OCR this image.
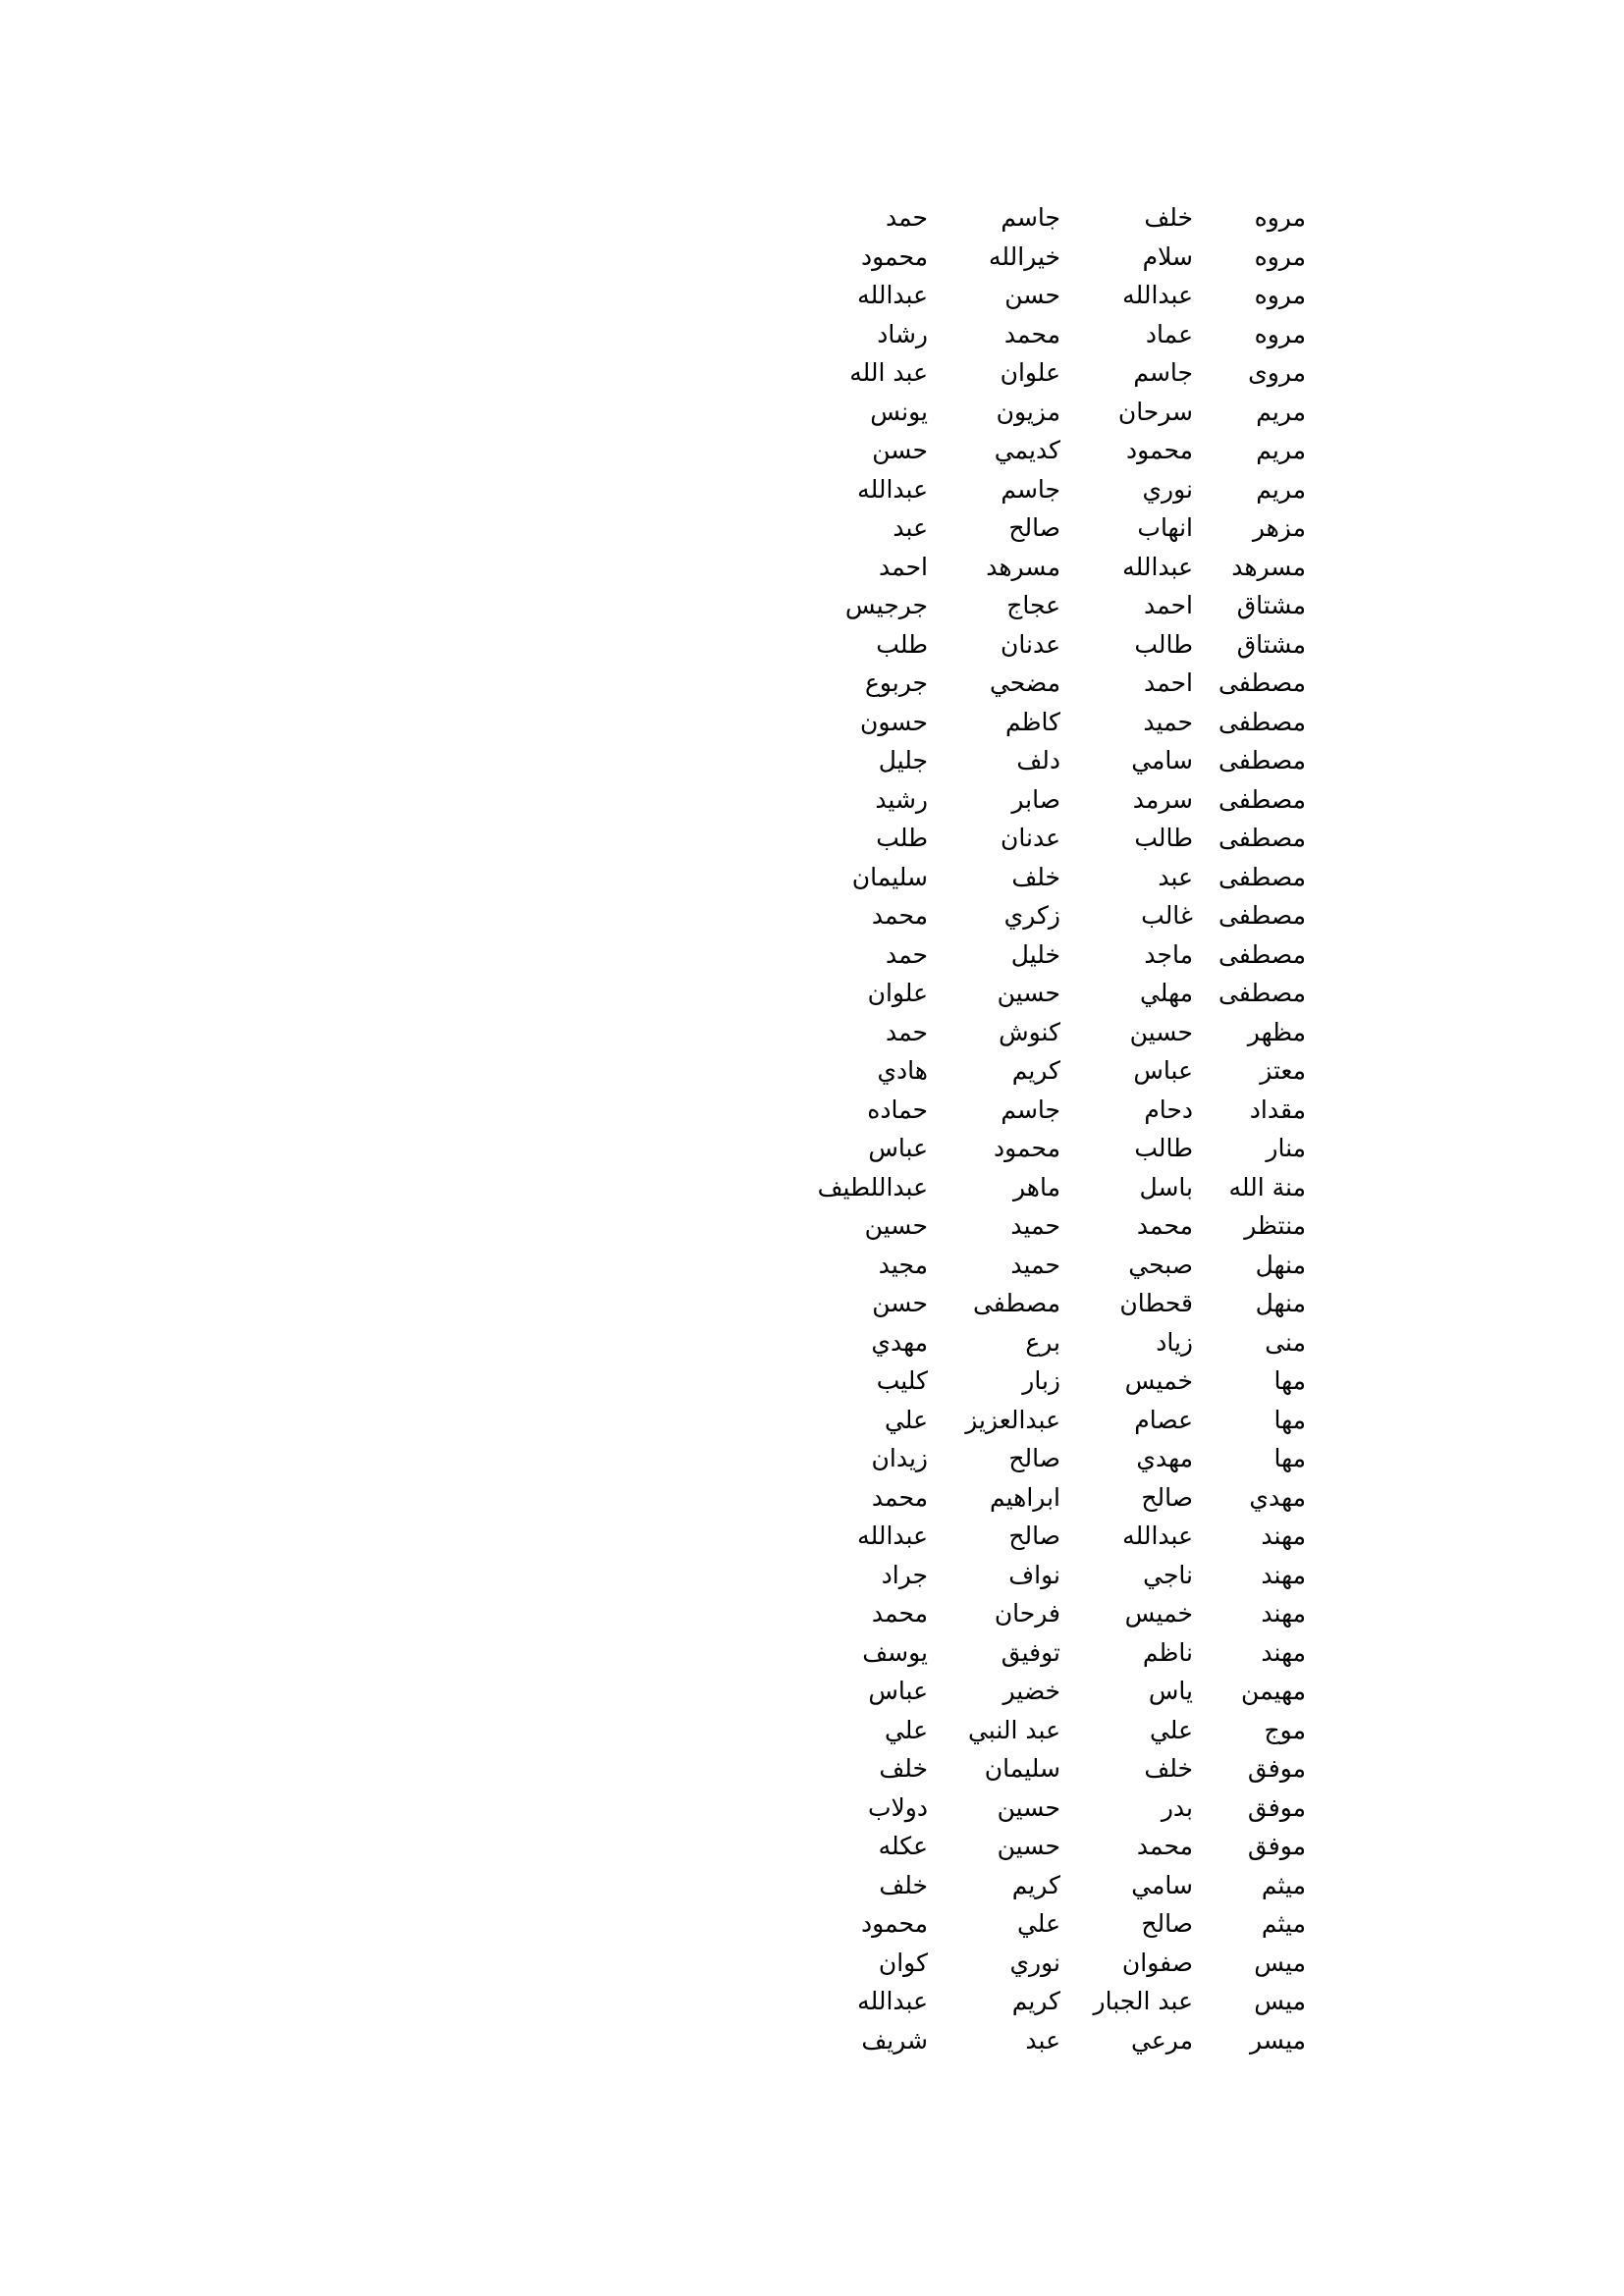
مروه
خلف
جاسم
حمد
مروه
سلام
خيرالله
محمود
مروه
عبدالله
حسن
عبدالله
مروه
عماد
محمد
رشاد
مروى
جاسم
علوان
عبد الله
مريم
سرحان
مزيون
يونس
مريم
محمود
كديمي
حسن
مريم
نوري
جاسم
عبدالله
مزهر
انهاب
صالح
عبد
مسرهد
عبدالله
مسرهد
احمد
مشتاق
احمد
عجاج
جرجيس
مشتاق
طالب
عدنان
طلب
مصطفى
احمد
مضحي
جربوع
مصطفى
حميد
كاظم
حسون
مصطفى
سامي
دلف
جليل
مصطفى
سرمد
صابر
رشيد
مصطفى
طالب
عدنان
طلب
مصطفى
عبد
خلف
سليمان
مصطفى
غالب
زكري
محمد
مصطفى
ماجد
خليل
حمد
مصطفى
مهلي
حسين
علوان
مظهر
حسين
كنوش
حمد
معتز
عباس
كريم
هادي
مقداد
دحام
جاسم
حماده
منار
طالب
محمود
عباس
منة الله
باسل
ماهر
عبداللطيف
منتظر
محمد
حميد
حسين
منهل
صبحي
حميد
مجيد
منهل
قحطان
مصطفى
حسن
منى
زياد
برع
مهدي
مها
خميس
زبار
كليب
مها
عصام
عبدالعزيز
علي
مها
مهدي
صالح
زيدان
مهدي
صالح
ابراهيم
محمد
مهند
عبدالله
صالح
عبدالله
مهند
ناجي
نواف
جراد
مهند
خميس
فرحان
محمد
مهند
ناظم
توفيق
يوسف
مهيمن
ياس
خضير
عباس
موج
علي
عبد النبي
علي
موفق
خلف
سليمان
خلف
موفق
بدر
حسين
دولاب
موفق
محمد
حسين
عكله
ميثم
سامي
كريم
خلف
ميثم
صالح
علي
محمود
ميس
صفوان
نوري
كوان
ميس
عبد الجبار
كريم
عبدالله
ميسر
مرعي
عبد
شريف
